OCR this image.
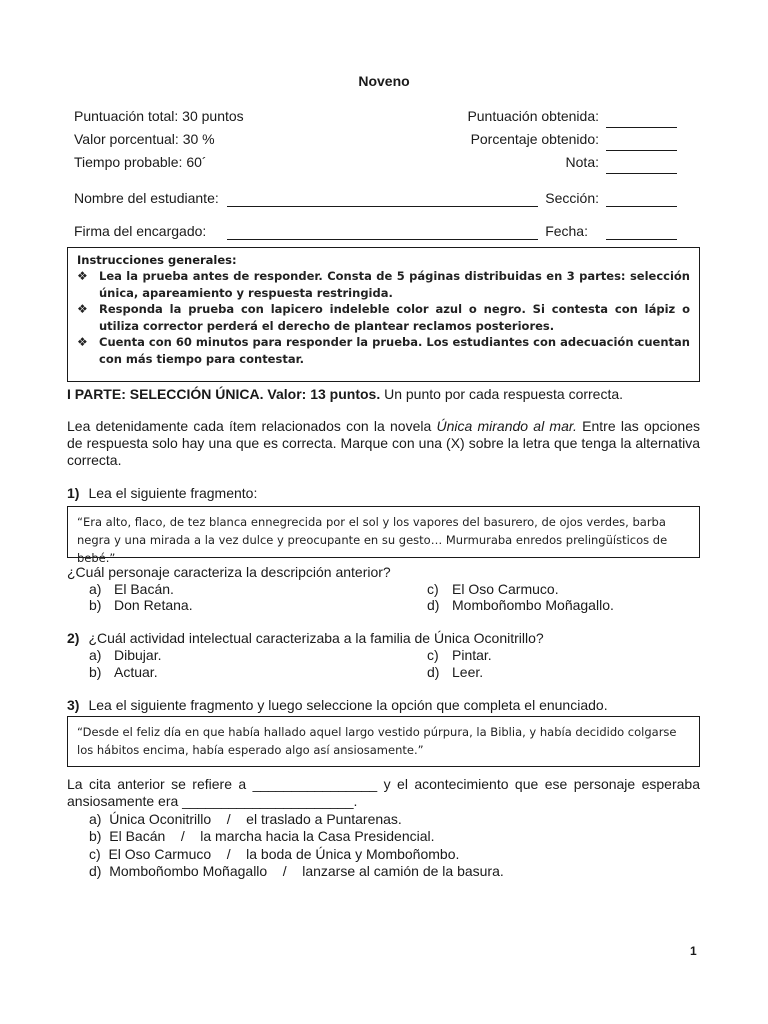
Noveno
Puntuación total: 30 puntos
Valor porcentual: 30 %
Tiempo probable: 60´
Puntuación obtenida:
Porcentaje obtenido:
Nota:
Nombre del estudiante:	Sección:
Firma del encargado:	Fecha:
Instrucciones generales:
❖ Lea la prueba antes de responder. Consta de 5 páginas distribuidas en 3 partes: selección única, apareamiento y respuesta restringida.
❖ Responda la prueba con lapicero indeleble color azul o negro. Si contesta con lápiz o utiliza corrector perderá el derecho de plantear reclamos posteriores.
❖ Cuenta con 60 minutos para responder la prueba. Los estudiantes con adecuación cuentan con más tiempo para contestar.
I PARTE: SELECCIÓN ÚNICA. Valor: 13 puntos. Un punto por cada respuesta correcta.
Lea detenidamente cada ítem relacionados con la novela Única mirando al mar. Entre las opciones de respuesta solo hay una que es correcta. Marque con una (X) sobre la letra que tenga la alternativa correcta.
1) Lea el siguiente fragmento:
“Era alto, flaco, de tez blanca ennegrecida por el sol y los vapores del basurero, de ojos verdes, barba negra y una mirada a la vez dulce y preocupante en su gesto… Murmuraba enredos prelingüísticos de bebé.”
¿Cuál personaje caracteriza la descripción anterior?
a) El Bacán.
b) Don Retana.
c) El Oso Carmuco.
d) Momboñombo Moñagallo.
2) ¿Cuál actividad intelectual caracterizaba a la familia de Única Oconitrillo?
a) Dibujar.
b) Actuar.
c) Pintar.
d) Leer.
3) Lea el siguiente fragmento y luego seleccione la opción que completa el enunciado.
“Desde el feliz día en que había hallado aquel largo vestido púrpura, la Biblia, y había decidido colgarse los hábitos encima, había esperado algo así ansiosamente.”
La cita anterior se refiere a ________________ y el acontecimiento que ese personaje esperaba ansiosamente era ______________________.
a)  Única Oconitrillo    /    el traslado a Puntarenas.
b)  El Bacán    /    la marcha hacia la Casa Presidencial.
c)  El Oso Carmuco    /    la boda de Única y Momboñombo.
d)  Momboñombo Moñagallo    /    lanzarse al camión de la basura.
1
